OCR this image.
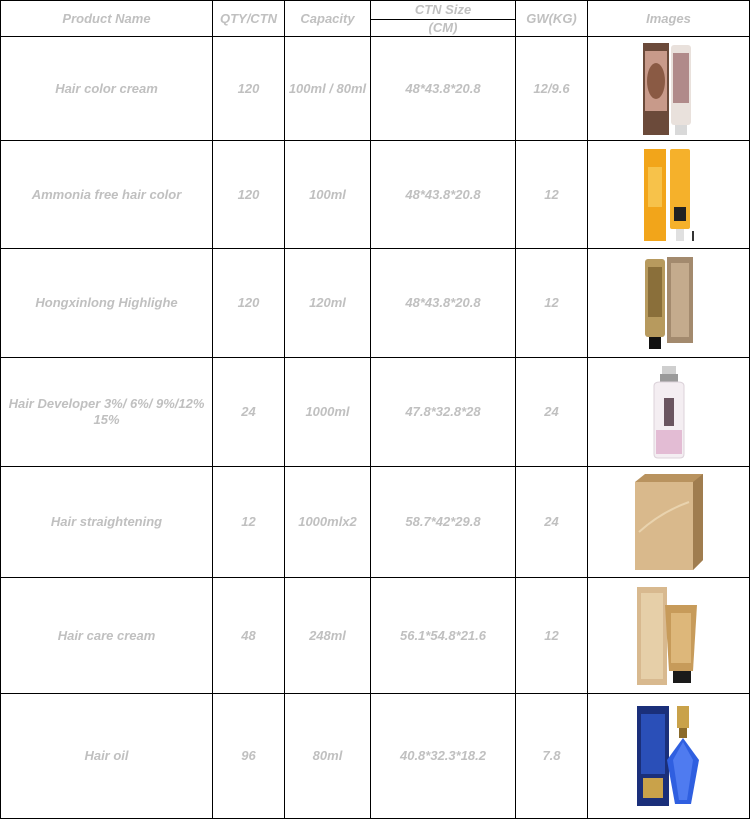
Product Name	QTY/CTN	Capacity	CTN Size	GW(KG)	Images
			(CM)		
Hair color cream	120	100ml / 80ml	48*43.8*20.8	12/9.6	

Ammonia free hair color	120	100ml	48*43.8*20.8	12	

Hongxinlong Highlighe	120	120ml	48*43.8*20.8	12	

Hair Developer 3%/ 6%/ 9%/12% 15%	24	1000ml	47.8*32.8*28	24	

Hair straightening	12	1000mlx2	58.7*42*29.8	24	

Hair care cream	48	248ml	56.1*54.8*21.6	12	

Hair oil	96	80ml	40.8*32.3*18.2	7.8	
